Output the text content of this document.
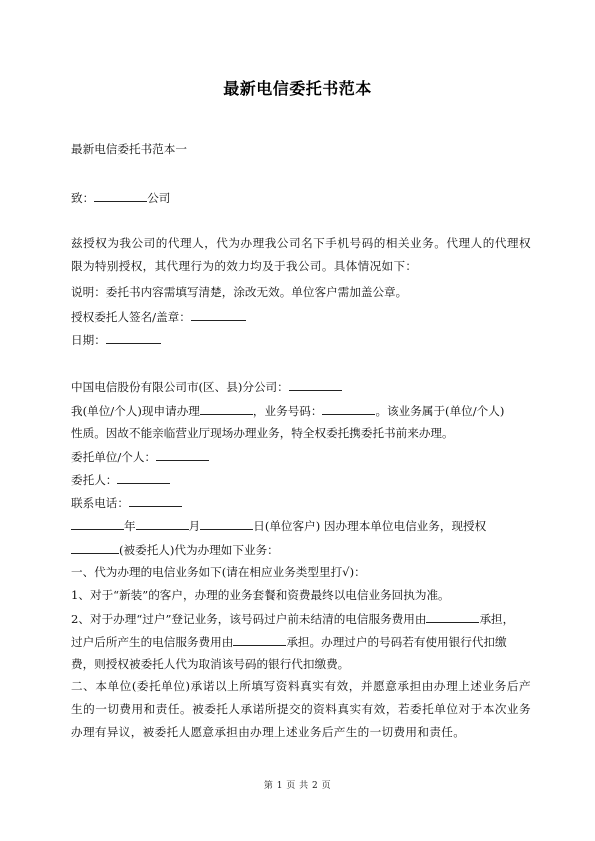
最新电信委托书范本
最新电信委托书范本一
致：	公司
兹授权为我公司的代理人，代为办理我公司名下手机号码的相关业务。代理人的代理权限为特别授权，其代理行为的效力均及于我公司。具体情况如下：
说明：委托书内容需填写清楚，涂改无效。单位客户需加盖公章。
授权委托人签名/盖章：
日期：
中国电信股份有限公司市(区、县)分公司：
我(单位/个人)现申请办理	，业务号码：	。该业务属于(单位/个人)
性质。因故不能亲临营业厅现场办理业务，特全权委托携委托书前来办理。
委托单位/个人：
委托人：
联系电话：
年	月	日(单位客户) 因办理本单位电信业务，现授权
(被委托人)代为办理如下业务：
一、代为办理的电信业务如下(请在相应业务类型里打√)：
1、对于“新装”的客户，办理的业务套餐和资费最终以电信业务回执为准。
2、对于办理“过户”登记业务，该号码过户前未结清的电信服务费用由	承担，
过户后所产生的电信服务费用由	承担。办理过户的号码若有使用银行代扣缴
费，则授权被委托人代为取消该号码的银行代扣缴费。
二、本单位(委托单位)承诺以上所填写资料真实有效，并愿意承担由办理上述业务后产生的一切费用和责任。被委托人承诺所提交的资料真实有效，若委托单位对于本次业务办理有异议，被委托人愿意承担由办理上述业务后产生的一切费用和责任。
第 1 页 共 2 页
